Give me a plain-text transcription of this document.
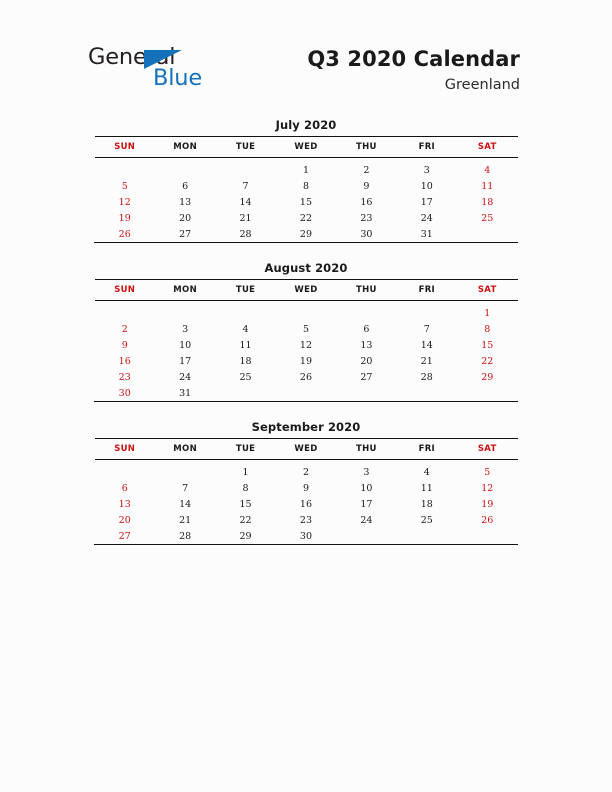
General
Blue
Q3 2020 Calendar
Greenland
July 2020
SUN	MON	TUE	WED	THU	FRI	SAT

			1	2	3	4
5	6	7	8	9	10	11
12	13	14	15	16	17	18
19	20	21	22	23	24	25
26	27	28	29	30	31	
August 2020
SUN	MON	TUE	WED	THU	FRI	SAT

						1
2	3	4	5	6	7	8
9	10	11	12	13	14	15
16	17	18	19	20	21	22
23	24	25	26	27	28	29
30	31					
September 2020
SUN	MON	TUE	WED	THU	FRI	SAT

		1	2	3	4	5
6	7	8	9	10	11	12
13	14	15	16	17	18	19
20	21	22	23	24	25	26
27	28	29	30			
